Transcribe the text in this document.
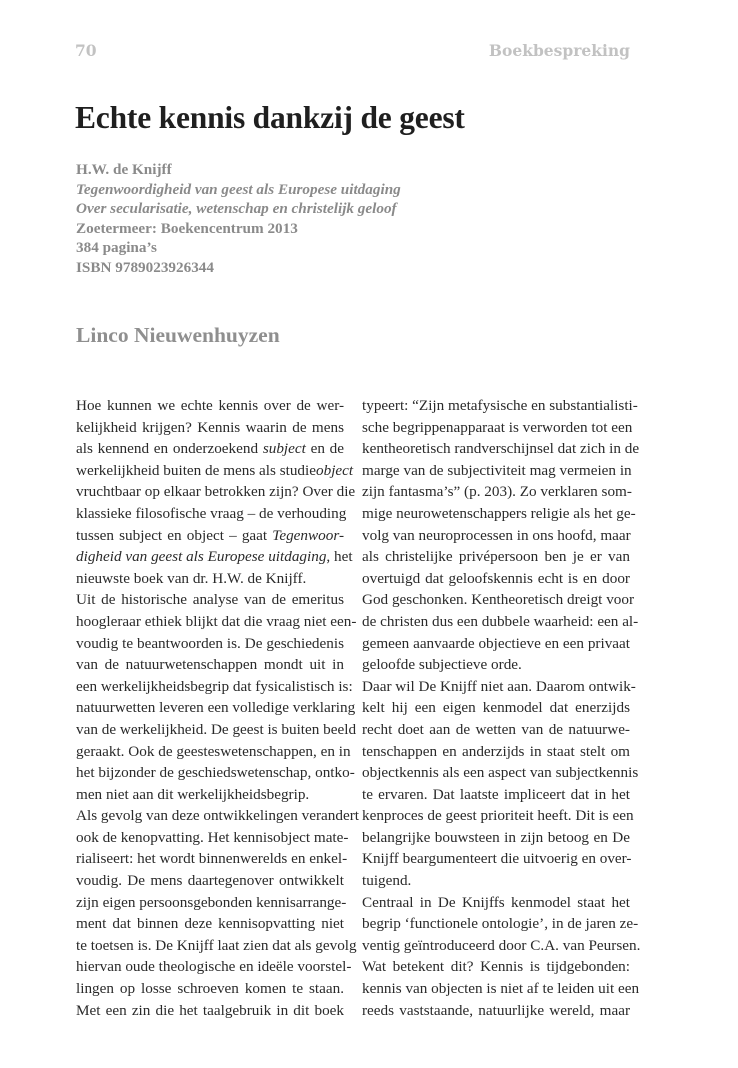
70	Boekbespreking
Echte kennis dankzij de geest
H.W. de Knijff
Tegenwoordigheid van geest als Europese uitdaging
Over secularisatie, wetenschap en christelijk geloof
Zoetermeer: Boekencentrum 2013
384 pagina’s
ISBN 9789023926344
Linco Nieuwenhuyzen
Hoe kunnen we echte kennis over de wer-
kelijkheid krijgen? Kennis waarin de mens
als kennend en onderzoekend subject en de
werkelijkheid buiten de mens als studieobject
vruchtbaar op elkaar betrokken zijn? Over die
klassieke filosofische vraag – de verhouding
tussen subject en object – gaat Tegenwoor-
digheid van geest als Europese uitdaging, het
nieuwste boek van dr. H.W. de Knijff.
Uit de historische analyse van de emeritus
hoogleraar ethiek blijkt dat die vraag niet een-
voudig te beantwoorden is. De geschiedenis
van de natuurwetenschappen mondt uit in
een werkelijkheidsbegrip dat fysicalistisch is:
natuurwetten leveren een volledige verklaring
van de werkelijkheid. De geest is buiten beeld
geraakt. Ook de geesteswetenschappen, en in
het bijzonder de geschiedswetenschap, ontko-
men niet aan dit werkelijkheidsbegrip.
Als gevolg van deze ontwikkelingen verandert
ook de kenopvatting. Het kennisobject mate-
rialiseert: het wordt binnenwerelds en enkel-
voudig. De mens daartegenover ontwikkelt
zijn eigen persoonsgebonden kennisarrange-
ment dat binnen deze kennisopvatting niet
te toetsen is. De Knijff laat zien dat als gevolg
hiervan oude theologische en ideële voorstel-
lingen op losse schroeven komen te staan.
Met een zin die het taalgebruik in dit boek
typeert: “Zijn metafysische en substantialisti-
sche begrippenapparaat is verworden tot een
kentheoretisch randverschijnsel dat zich in de
marge van de subjectiviteit mag vermeien in
zijn fantasma’s” (p. 203). Zo verklaren som-
mige neurowetenschappers religie als het ge-
volg van neuroprocessen in ons hoofd, maar
als christelijke privépersoon ben je er van
overtuigd dat geloofskennis echt is en door
God geschonken. Kentheoretisch dreigt voor
de christen dus een dubbele waarheid: een al-
gemeen aanvaarde objectieve en een privaat
geloofde subjectieve orde.
Daar wil De Knijff niet aan. Daarom ontwik-
kelt hij een eigen kenmodel dat enerzijds
recht doet aan de wetten van de natuurwe-
tenschappen en anderzijds in staat stelt om
objectkennis als een aspect van subjectkennis
te ervaren. Dat laatste impliceert dat in het
kenproces de geest prioriteit heeft. Dit is een
belangrijke bouwsteen in zijn betoog en De
Knijff beargumenteert die uitvoerig en over-
tuigend.
Centraal in De Knijffs kenmodel staat het
begrip ‘functionele ontologie’, in de jaren ze-
ventig geïntroduceerd door C.A. van Peursen.
Wat betekent dit? Kennis is tijdgebonden:
kennis van objecten is niet af te leiden uit een
reeds vaststaande, natuurlijke wereld, maar
